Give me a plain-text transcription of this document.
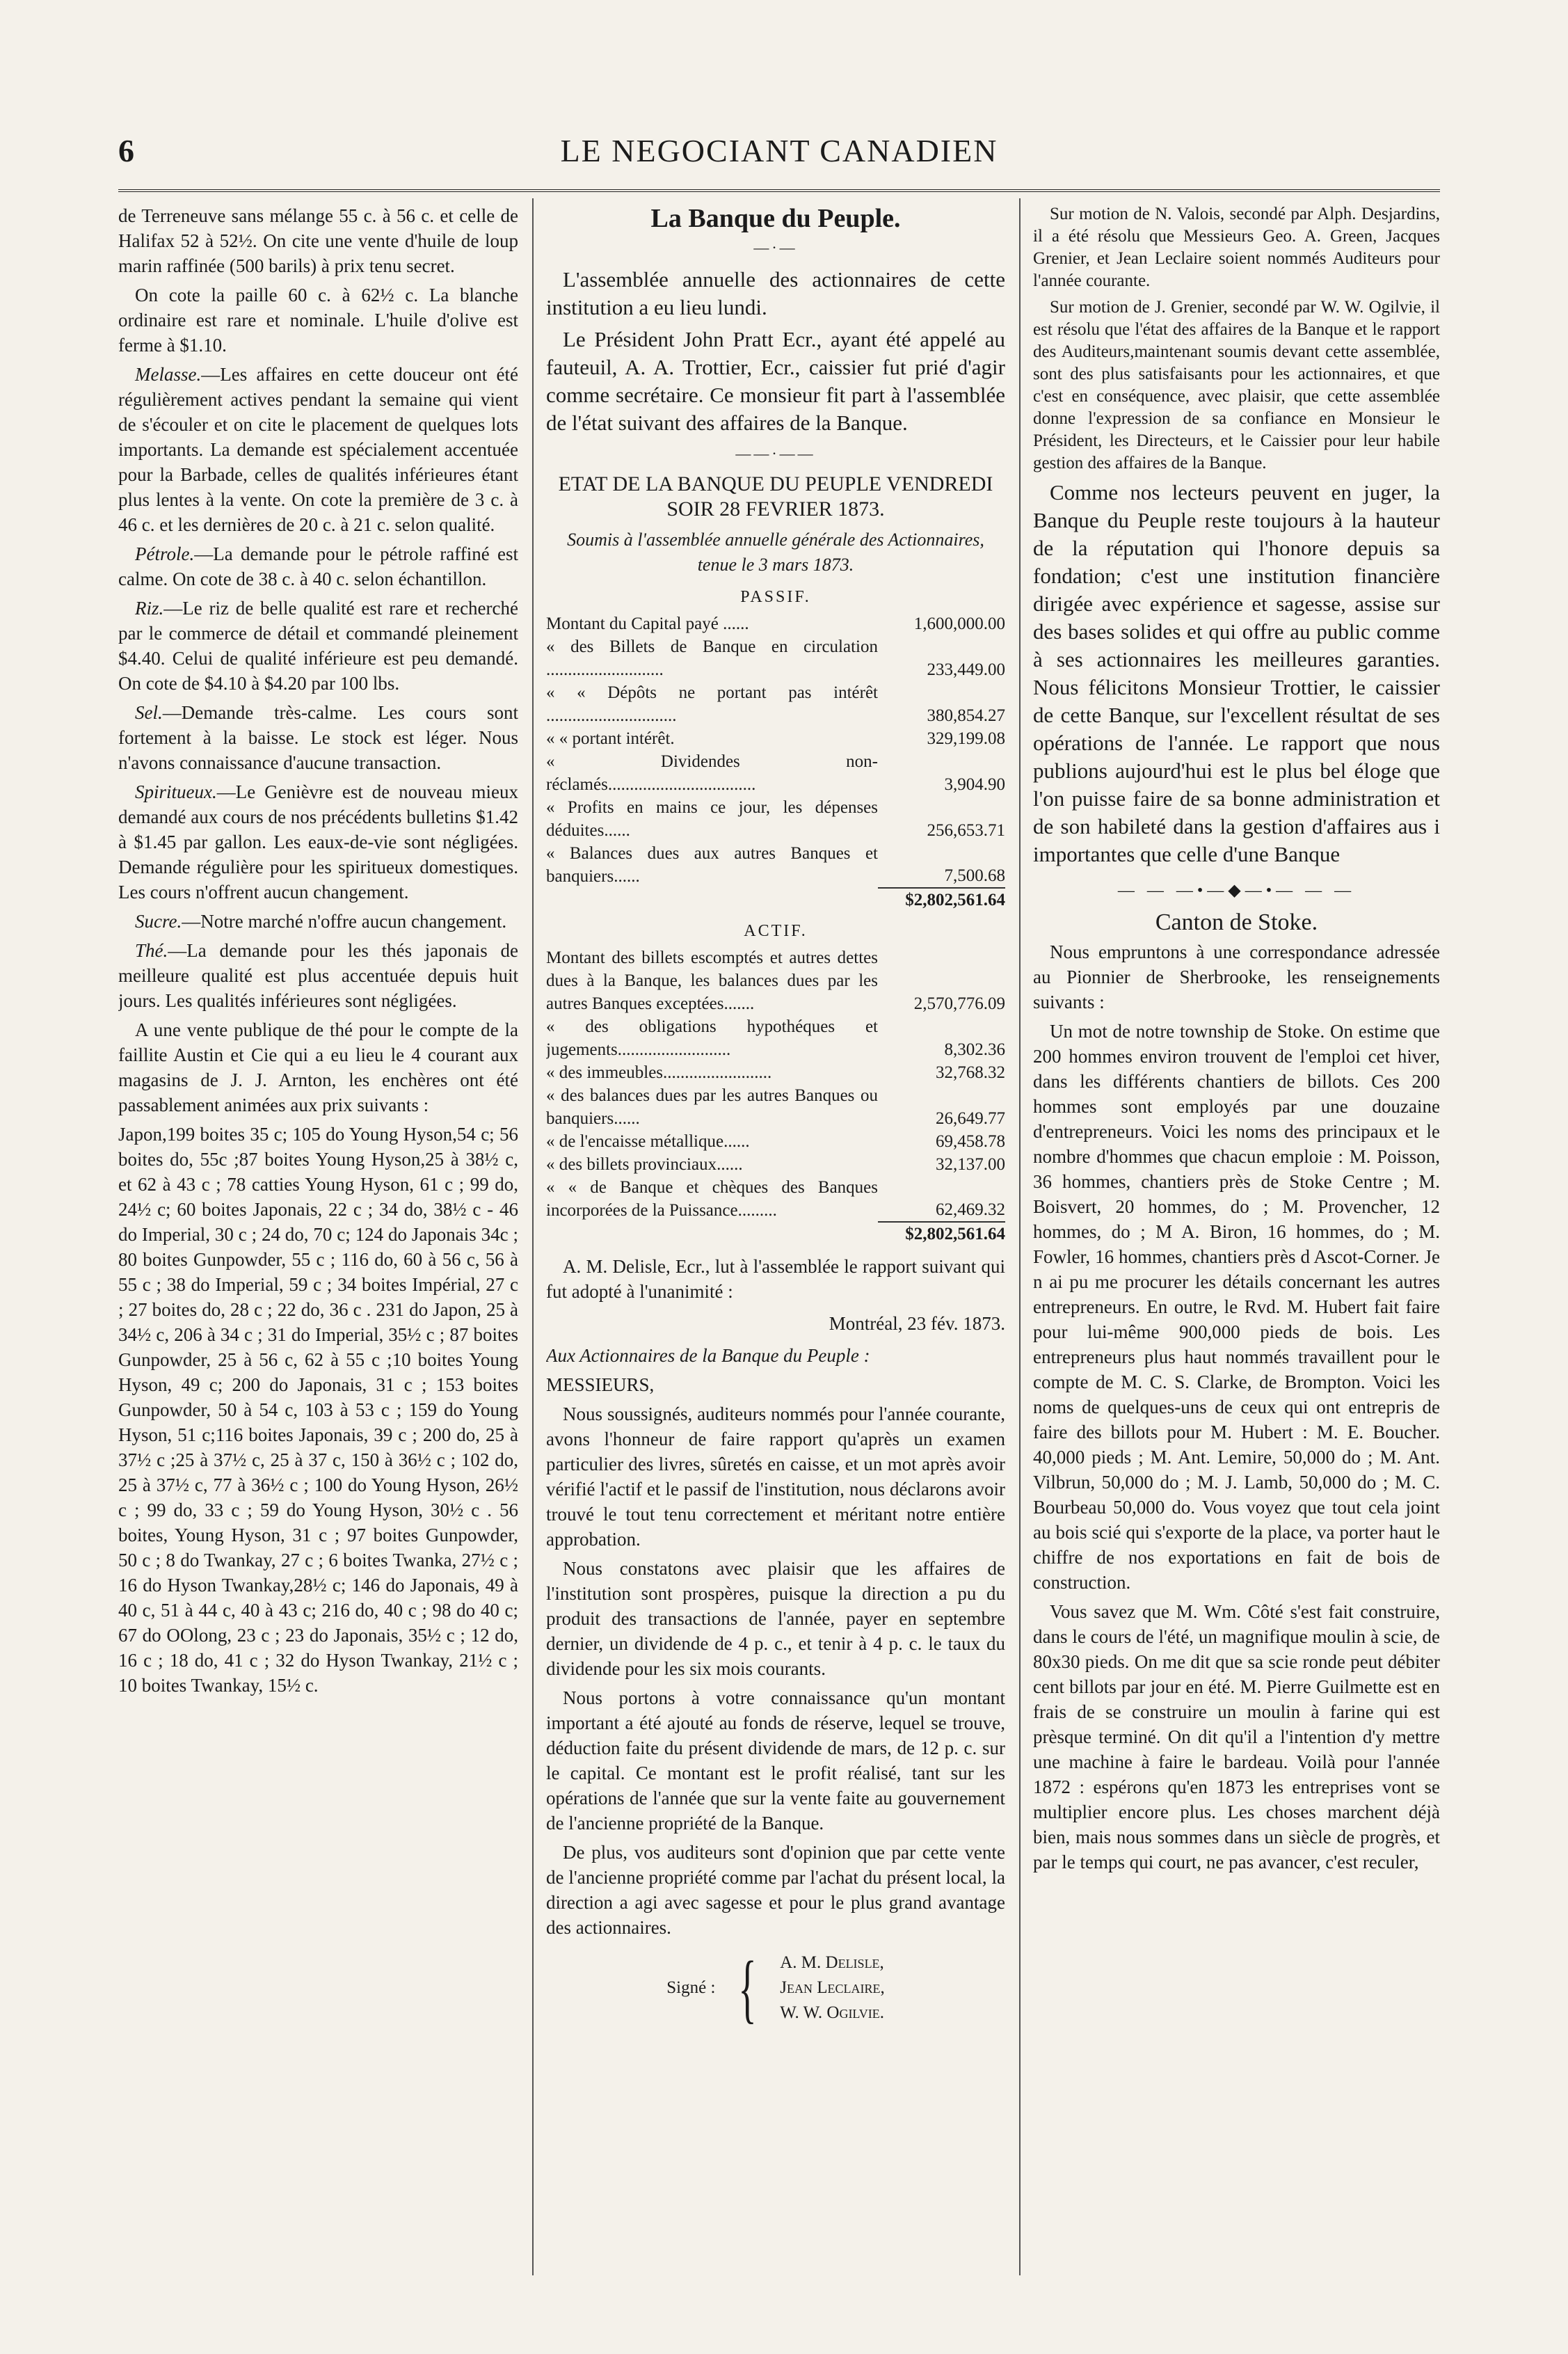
6	LE NEGOCIANT CANADIEN

de Terreneuve sans mélange 55 c. à 56 c. et celle de Halifax 52 à 52½. On cite une vente d'huile de loup marin raffinée (500 barils) à prix tenu secret.

On cote la paille 60 c. à 62½ c. La blanche ordinaire est rare et nominale. L'huile d'olive est ferme à $1.10.

Melasse.—Les affaires en cette douceur ont été régulièrement actives pendant la semaine qui vient de s'écouler et on cite le placement de quelques lots importants. La demande est spécialement accentuée pour la Barbade, celles de qualités inférieures étant plus lentes à la vente. On cote la première de 3 c. à 46 c. et les dernières de 20 c. à 21 c. selon qualité.

Pétrole.—La demande pour le pétrole raffiné est calme. On cote de 38 c. à 40 c. selon échantillon.

Riz.—Le riz de belle qualité est rare et recherché par le commerce de détail et commandé pleinement $4.40. Celui de qualité inférieure est peu demandé. On cote de $4.10 à $4.20 par 100 lbs.

Sel.—Demande très-calme. Les cours sont fortement à la baisse. Le stock est léger. Nous n'avons connaissance d'aucune transaction.

Spiritueux.—Le Genièvre est de nouveau mieux demandé aux cours de nos précédents bulletins $1.42 à $1.45 par gallon. Les eaux-de-vie sont négligées. Demande régulière pour les spiritueux domestiques. Les cours n'offrent aucun changement.

Sucre.—Notre marché n'offre aucun changement.

Thé.—La demande pour les thés japonais de meilleure qualité est plus accentuée depuis huit jours. Les qualités inférieures sont négligées.

A une vente publique de thé pour le compte de la faillite Austin et Cie qui a eu lieu le 4 courant aux magasins de J. J. Arnton, les enchères ont été passablement animées aux prix suivants :

Japon,199 boites 35 c; 105 do Young Hyson,54 c; 56 boites do, 55c ;87 boites Young Hyson,25 à 38½ c, et 62 à 43 c ; 78 catties Young Hyson, 61 c ; 99 do, 24½ c; 60 boites Japonais, 22 c ; 34 do, 38½ c - 46 do Imperial, 30 c ; 24 do, 70 c; 124 do Japonais 34c ; 80 boites Gunpowder, 55 c ; 116 do, 60 à 56 c, 56 à 55 c ; 38 do Imperial, 59 c ; 34 boites Impérial, 27 c ; 27 boites do, 28 c ; 22 do, 36 c . 231 do Japon, 25 à 34½ c, 206 à 34 c ; 31 do Imperial, 35½ c ; 87 boites Gunpowder, 25 à 56 c, 62 à 55 c ;10 boites Young Hyson, 49 c; 200 do Japonais, 31 c ; 153 boites Gunpowder, 50 à 54 c, 103 à 53 c ; 159 do Young Hyson, 51 c;116 boites Japonais, 39 c ; 200 do, 25 à 37½ c ;25 à 37½ c, 25 à 37 c, 150 à 36½ c ; 102 do, 25 à 37½ c, 77 à 36½ c ; 100 do Young Hyson, 26½ c ; 99 do, 33 c ; 59 do Young Hyson, 30½ c . 56 boites, Young Hyson, 31 c ; 97 boites Gunpowder, 50 c ; 8 do Twankay, 27 c ; 6 boites Twanka, 27½ c ; 16 do Hyson Twankay,28½ c; 146 do Japonais, 49 à 40 c, 51 à 44 c, 40 à 43 c; 216 do, 40 c ; 98 do 40 c; 67 do OOlong, 23 c ; 23 do Japonais, 35½ c ; 12 do, 16 c ; 18 do, 41 c ; 32 do Hyson Twankay, 21½ c ; 10 boites Twankay, 15½ c.

La Banque du Peuple.
—·—

L'assemblée annuelle des actionnaires de cette institution a eu lieu lundi.

Le Président John Pratt Ecr., ayant été appelé au fauteuil, A. A. Trottier, Ecr., caissier fut prié d'agir comme secrétaire. Ce monsieur fit part à l'assemblée de l'état suivant des affaires de la Banque.

——·——
ETAT DE LA BANQUE DU PEUPLE VENDREDI SOIR 28 FEVRIER 1873.
Soumis à l'assemblée annuelle générale des Actionnaires, tenue le 3 mars 1873.
PASSIF.
Montant du Capital payé ......	1,600,000.00
« des Billets de Banque en circulation ...........................	233,449.00
« « Dépôts ne portant pas intérêt ..............................	380,854.27
« « portant intérêt.	329,199.08
« Dividendes non-réclamés..................................	3,904.90
« Profits en mains ce jour, les dépenses déduites......	256,653.71
« Balances dues aux autres Banques et banquiers......	7,500.68
	$2,802,561.64
ACTIF.
Montant des billets escomptés et autres dettes dues à la Banque, les balances dues par les autres Banques exceptées.......	2,570,776.09
« des obligations hypothéques et jugements..........................	8,302.36
« des immeubles.........................	32,768.32
« des balances dues par les autres Banques ou banquiers......	26,649.77
« de l'encaisse métallique......	69,458.78
« des billets provinciaux......	32,137.00
« « de Banque et chèques des Banques incorporées de la Puissance.........	62,469.32
	$2,802,561.64

A. M. Delisle, Ecr., lut à l'assemblée le rapport suivant qui fut adopté à l'unanimité :

Montréal, 23 fév. 1873.

Aux Actionnaires de la Banque du Peuple :

MESSIEURS,

Nous soussignés, auditeurs nommés pour l'année courante, avons l'honneur de faire rapport qu'après un examen particulier des livres, sûretés en caisse, et un mot après avoir vérifié l'actif et le passif de l'institution, nous déclarons avoir trouvé le tout tenu correctement et méritant notre entière approbation.

Nous constatons avec plaisir que les affaires de l'institution sont prospères, puisque la direction a pu du produit des transactions de l'année, payer en septembre dernier, un dividende de 4 p. c., et tenir à 4 p. c. le taux du dividende pour les six mois courants.

Nous portons à votre connaissance qu'un montant important a été ajouté au fonds de réserve, lequel se trouve, déduction faite du présent dividende de mars, de 12 p. c. sur le capital. Ce montant est le profit réalisé, tant sur les opérations de l'année que sur la vente faite au gouvernement de l'ancienne propriété de la Banque.

De plus, vos auditeurs sont d'opinion que par cette vente de l'ancienne propriété comme par l'achat du présent local, la direction a agi avec sagesse et pour le plus grand avantage des actionnaires.

Signé : { A. M. Delisle,
Jean Leclaire,
W. W. Ogilvie.

Sur motion de N. Valois, secondé par Alph. Desjardins, il a été résolu que Messieurs Geo. A. Green, Jacques Grenier, et Jean Leclaire soient nommés Auditeurs pour l'année courante.

Sur motion de J. Grenier, secondé par W. W. Ogilvie, il est résolu que l'état des affaires de la Banque et le rapport des Auditeurs,maintenant soumis devant cette assemblée, sont des plus satisfaisants pour les actionnaires, et que c'est en conséquence, avec plaisir, que cette assemblée donne l'expression de sa confiance en Monsieur le Président, les Directeurs, et le Caissier pour leur habile gestion des affaires de la Banque.

Comme nos lecteurs peuvent en juger, la Banque du Peuple reste toujours à la hauteur de la réputation qui l'honore depuis sa fondation; c'est une institution financière dirigée avec expérience et sagesse, assise sur des bases solides et qui offre au public comme à ses actionnaires les meilleures garanties. Nous félicitons Monsieur Trottier, le caissier de cette Banque, sur l'excellent résultat de ses opérations de l'année. Le rapport que nous publions aujourd'hui est le plus bel éloge que l'on puisse faire de sa bonne administration et de son habileté dans la gestion d'affaires aus i importantes que celle d'une Banque

— — —•—◆—•— — —
Canton de Stoke.

Nous empruntons à une correspondance adressée au Pionnier de Sherbrooke, les renseignements suivants :

Un mot de notre township de Stoke. On estime que 200 hommes environ trouvent de l'emploi cet hiver, dans les différents chantiers de billots. Ces 200 hommes sont employés par une douzaine d'entrepreneurs. Voici les noms des principaux et le nombre d'hommes que chacun emploie : M. Poisson, 36 hommes, chantiers près de Stoke Centre ; M. Boisvert, 20 hommes, do ; M. Provencher, 12 hommes, do ; M A. Biron, 16 hommes, do ; M. Fowler, 16 hommes, chantiers près d Ascot-Corner. Je n ai pu me procurer les détails concernant les autres entrepreneurs. En outre, le Rvd. M. Hubert fait faire pour lui-même 900,000 pieds de bois. Les entrepreneurs plus haut nommés travaillent pour le compte de M. C. S. Clarke, de Brompton. Voici les noms de quelques-uns de ceux qui ont entrepris de faire des billots pour M. Hubert : M. E. Boucher. 40,000 pieds ; M. Ant. Lemire, 50,000 do ; M. Ant. Vilbrun, 50,000 do ; M. J. Lamb, 50,000 do ; M. C. Bourbeau 50,000 do. Vous voyez que tout cela joint au bois scié qui s'exporte de la place, va porter haut le chiffre de nos exportations en fait de bois de construction.

Vous savez que M. Wm. Côté s'est fait construire, dans le cours de l'été, un magnifique moulin à scie, de 80x30 pieds. On me dit que sa scie ronde peut débiter cent billots par jour en été. M. Pierre Guilmette est en frais de se construire un moulin à farine qui est prèsque terminé. On dit qu'il a l'intention d'y mettre une machine à faire le bardeau. Voilà pour l'année 1872 : espérons qu'en 1873 les entreprises vont se multiplier encore plus. Les choses marchent déjà bien, mais nous sommes dans un siècle de progrès, et par le temps qui court, ne pas avancer, c'est reculer,
